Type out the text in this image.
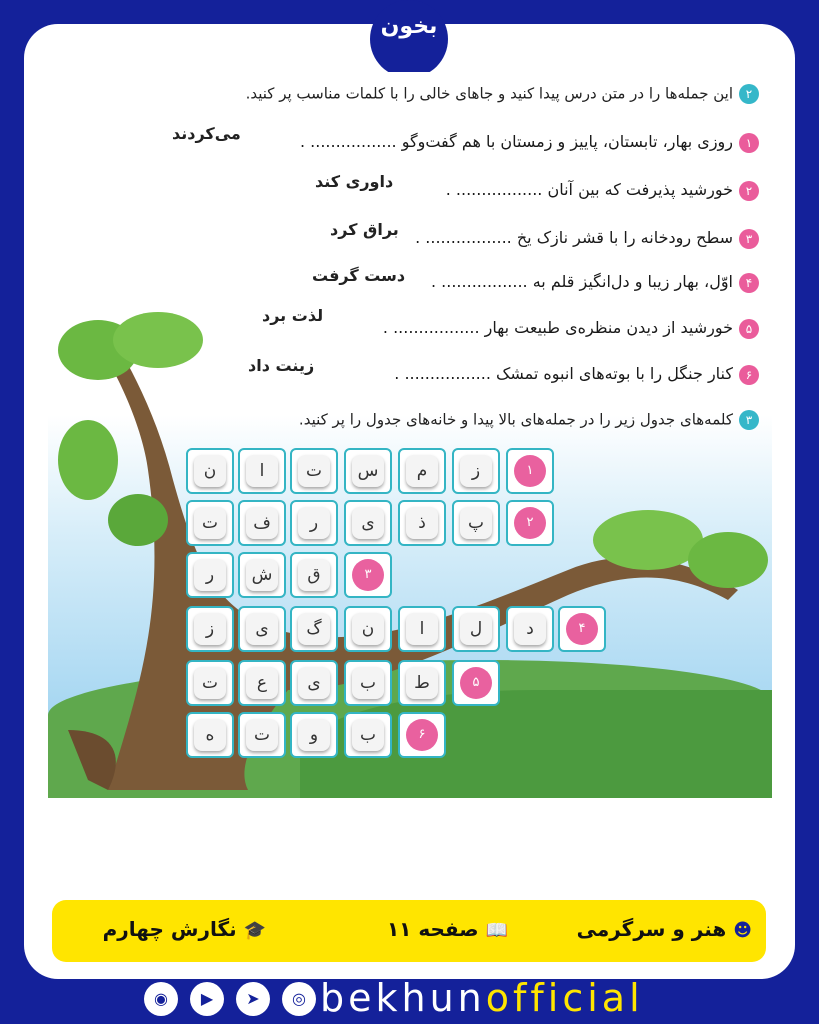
بخون
۲این جمله‌ها را در متن درس پیدا کنید و جاهای خالی را با کلمات مناسب پر کنید.
۱روزی بهار، تابستان، پاییز و زمستان با هم گفت‌وگو ................. .
می‌کردند
۲خورشید پذیرفت که بین آنان ................. .
داوری کند
۳سطح رودخانه را با قشر نازک یخ ................. .
براق کرد
۴اوّل، بهار زیبا و دل‌انگیز قلم به ................. .
دست گرفت
۵خورشید از دیدن منظره‌ی طبیعت بهار ................. .
لذت برد
۶کنار جنگل را با بوته‌های انبوه تمشک ................. .
زینت داد
۳کلمه‌های جدول زیر را در جمله‌های بالا پیدا و خانه‌های جدول را پر کنید.
۱
ز
م
س
ت
ا
ن
۲
پ
ذ
ی
ر
ف
ت
۳
ق
ش
ر
۴
د
ل
ا
ن
گ
ی
ز
۵
ط
ب
ی
ع
ت
۶
ب
و
ت
ه
☻ هنر و سرگرمی
📖 صفحه ۱۱
🎓 نگارش چهارم
◉	▶	➤	◎ bekhunofficial
